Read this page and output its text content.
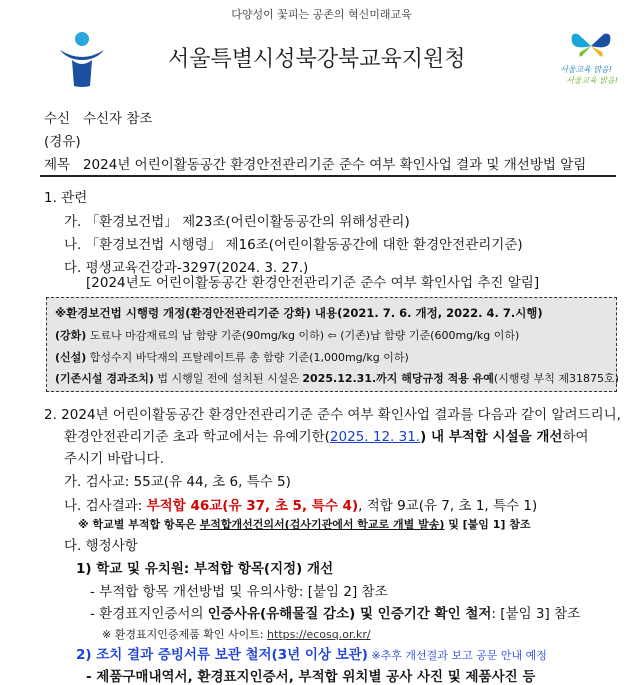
다양성이 꽃피는 공존의 혁신미래교육
서울특별시성북강북교육지원청	서울교육 맑음!
서울교육 밝음!
수신 수신자 참조
(경유)
제목 2024년 어린이활동공간 환경안전관리기준 준수 여부 확인사업 결과 및 개선방법 알림
1. 관련
가. 「환경보건법」 제23조(어린이활동공간의 위해성관리)
나. 「환경보건법 시행령」 제16조(어린이활동공간에 대한 환경안전관리기준)
다. 평생교육건강과-3297(2024. 3. 27.)
[2024년도 어린이활동공간 환경안전관리기준 준수 여부 확인사업 추진 알림]
※환경보건법 시행령 개정(환경안전관리기준 강화) 내용(2021. 7. 6. 개정, 2022. 4. 7.시행)
(강화) 도료나 마감재료의 납 함량 기준(90mg/kg 이하) ⇦ (기존)납 함량 기준(600mg/kg 이하)
(신설) 합성수지 바닥재의 프탈레이트류 총 함량 기준(1,000mg/kg 이하)
(기존시설 경과조치) 법 시행일 전에 설치된 시설은 2025.12.31.까지 해당규정 적용 유예(시행령 부칙 제31875호)
2. 2024년 어린이활동공간 환경안전관리기준 준수 여부 확인사업 결과를 다음과 같이 알려드리니,
환경안전관리기준 초과 학교에서는 유예기한(2025. 12. 31.) 내 부적합 시설을 개선하여
주시기 바랍니다.
가. 검사교: 55교(유 44, 초 6, 특수 5)
나. 검사결과: 부적합 46교(유 37, 초 5, 특수 4), 적합 9교(유 7, 초 1, 특수 1)
※ 학교별 부적합 항목은 부적합개선건의서(검사기관에서 학교로 개별 발송) 및 [붙임 1] 참조
다. 행정사항
1) 학교 및 유치원: 부적합 항목(지정) 개선
- 부적합 항목 개선방법 및 유의사항: [붙임 2] 참조
- 환경표지인증서의 인증사유(유해물질 감소) 및 인증기간 확인 철저: [붙임 3] 참조
※ 환경표지인증제품 확인 사이트: https://ecosq.or.kr/
2) 조치 결과 증빙서류 보관 철저(3년 이상 보관) ※추후 개선결과 보고 공문 안내 예정
- 제품구매내역서, 환경표지인증서, 부적합 위치별 공사 사진 및 제품사진 등
